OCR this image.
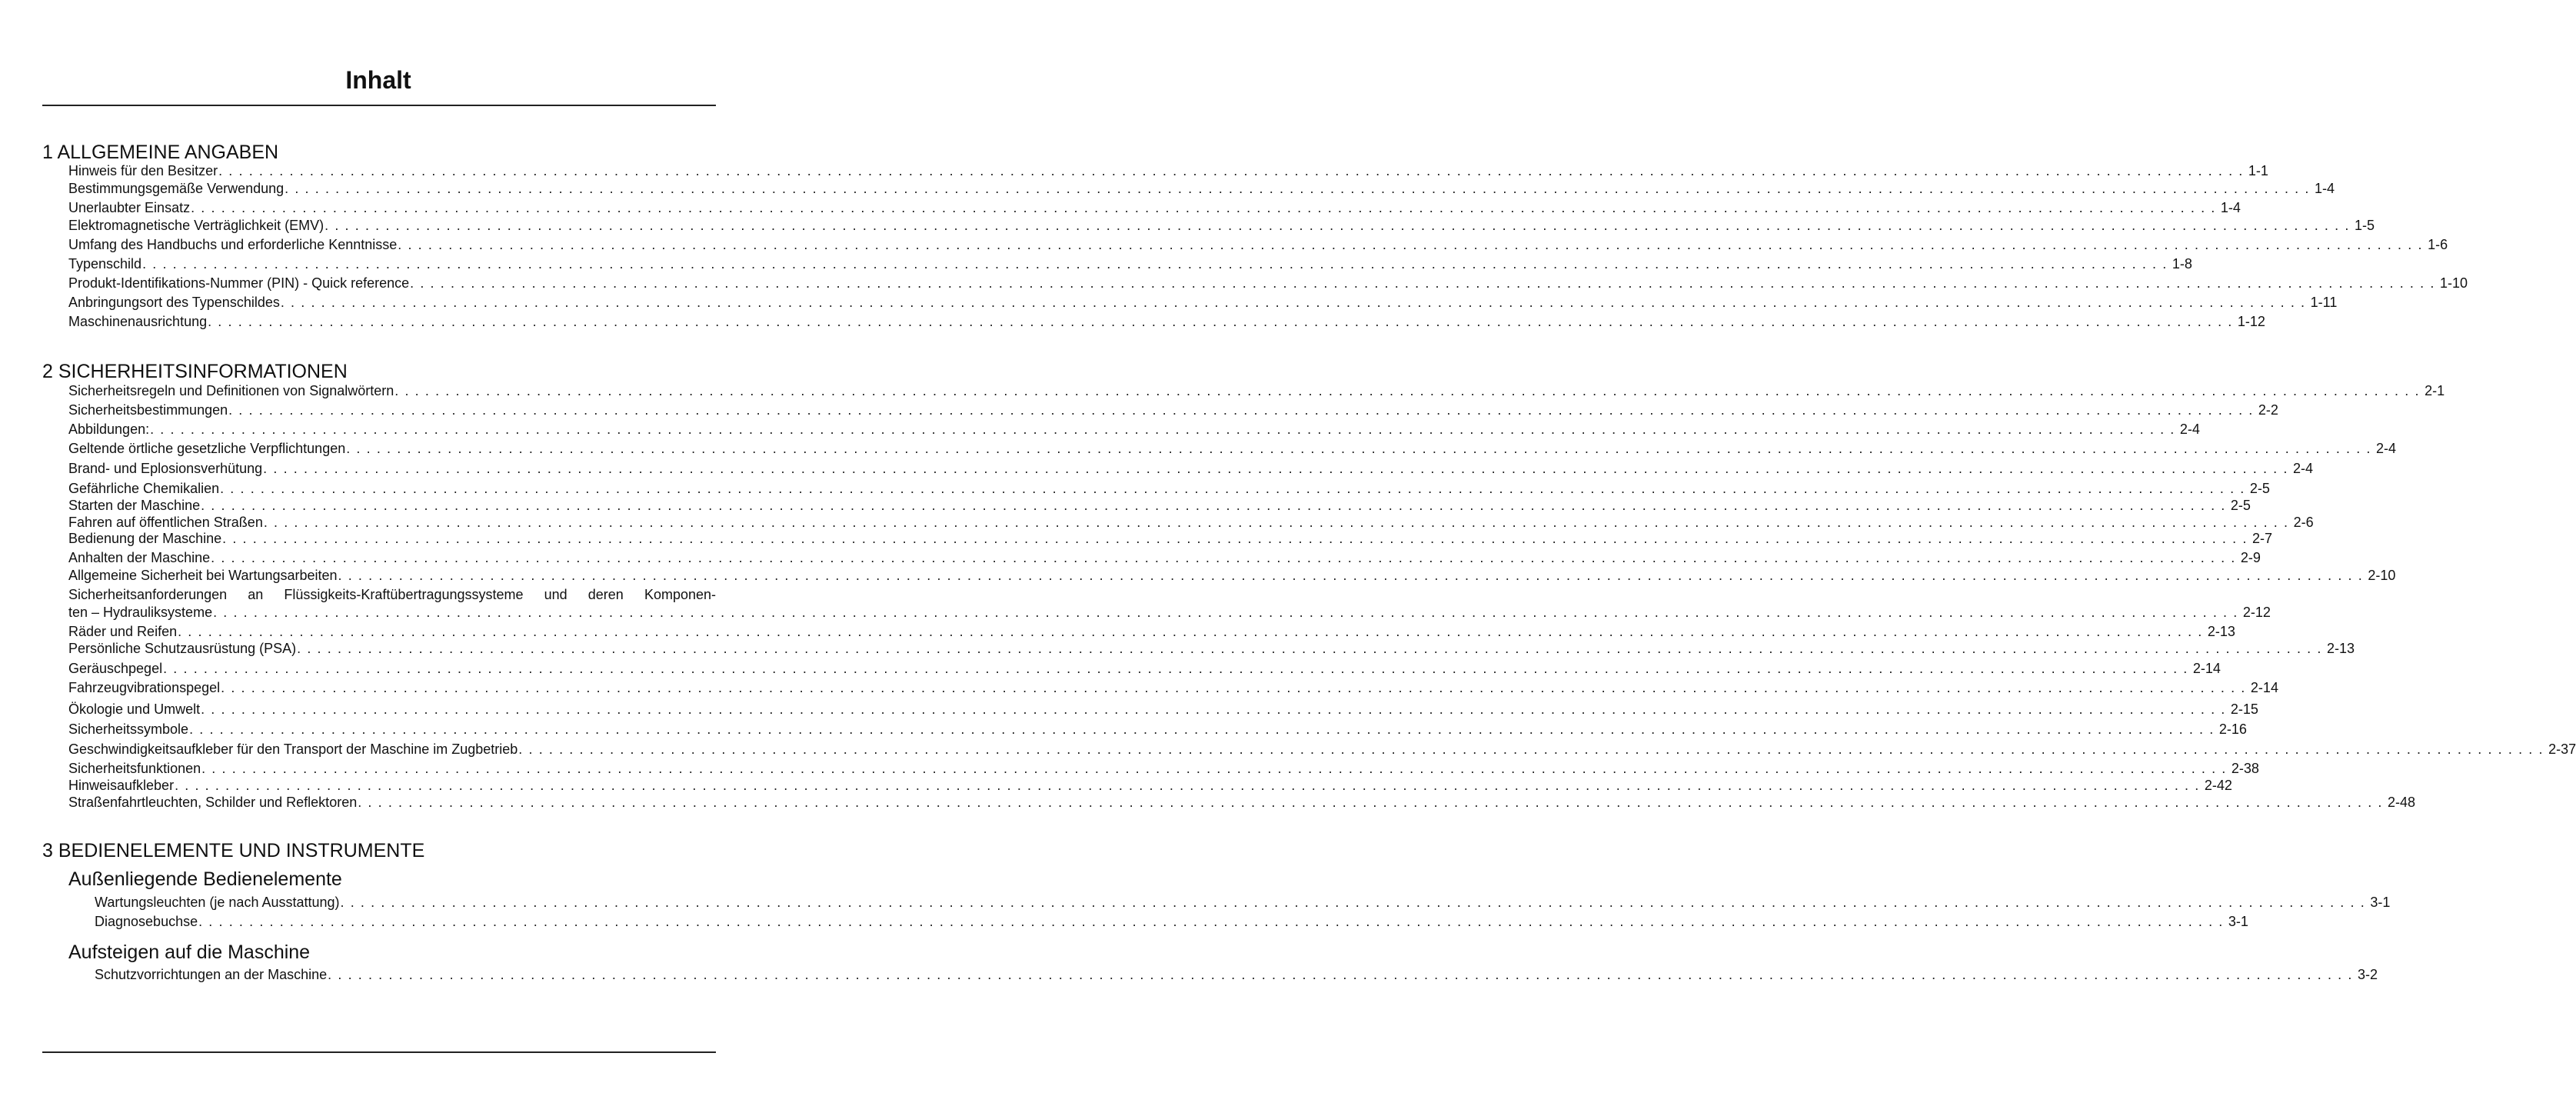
Inhalt
1 ALLGEMEINE ANGABEN
Hinweis für den Besitzer . . . . . . . . . . . . . . . . . . . . . . . . . . . . . . . . . . . . . . . . . . . . . . . . . . . . . . . . . . . . . . . . . . . . . . . . . . . . . . . . . . . . . . . . . . . . . . . . . . . . . . . . . . . . . . . . . . . . . . . . . . . . . . . . . . . . . . . . . . . . . . . . . . . . . . . . . . . . . . . . . . . . . . . . . . . . . . . . . . . . . . . . . . . . . . . . . . . . . . . . 1-1
Bestimmungsgemäße Verwendung . . . . . . . . . . . . . . . . . . . . . . . . . . . . . . . . . . . . . . . . . . . . . . . . . . . . . . . . . . . . . . . . . . . . . . . . . . . . . . . . . . . . . . . . . . . . . . . . . . . . . . . . . . . . . . . . . . . . . . . . . . . . . . . . . . . . . . . . . . . . . . . . . . . . . . . . . . . . . . . . . . . . . . . . . . . . . . . . . . . . . . . . . . . . . . . . . . . . . . . . 1-4
Unerlaubter Einsatz . . . . . . . . . . . . . . . . . . . . . . . . . . . . . . . . . . . . . . . . . . . . . . . . . . . . . . . . . . . . . . . . . . . . . . . . . . . . . . . . . . . . . . . . . . . . . . . . . . . . . . . . . . . . . . . . . . . . . . . . . . . . . . . . . . . . . . . . . . . . . . . . . . . . . . . . . . . . . . . . . . . . . . . . . . . . . . . . . . . . . . . . . . . . . . . . . . . . . . . . 1-4
Elektromagnetische Verträglichkeit (EMV) . . . . . . . . . . . . . . . . . . . . . . . . . . . . . . . . . . . . . . . . . . . . . . . . . . . . . . . . . . . . . . . . . . . . . . . . . . . . . . . . . . . . . . . . . . . . . . . . . . . . . . . . . . . . . . . . . . . . . . . . . . . . . . . . . . . . . . . . . . . . . . . . . . . . . . . . . . . . . . . . . . . . . . . . . . . . . . . . . . . . . . . . . . . . . . . . . . . . . . . . 1-5
Umfang des Handbuchs und erforderliche Kenntnisse . . . . . . . . . . . . . . . . . . . . . . . . . . . . . . . . . . . . . . . . . . . . . . . . . . . . . . . . . . . . . . . . . . . . . . . . . . . . . . . . . . . . . . . . . . . . . . . . . . . . . . . . . . . . . . . . . . . . . . . . . . . . . . . . . . . . . . . . . . . . . . . . . . . . . . . . . . . . . . . . . . . . . . . . . . . . . . . . . . . . . . . . . . . . . . . . . . . . . . . . 1-6
Typenschild . . . . . . . . . . . . . . . . . . . . . . . . . . . . . . . . . . . . . . . . . . . . . . . . . . . . . . . . . . . . . . . . . . . . . . . . . . . . . . . . . . . . . . . . . . . . . . . . . . . . . . . . . . . . . . . . . . . . . . . . . . . . . . . . . . . . . . . . . . . . . . . . . . . . . . . . . . . . . . . . . . . . . . . . . . . . . . . . . . . . . . . . . . . . . . . . . . . . . . . . 1-8
Produkt-Identifikations-Nummer (PIN) - Quick reference . . . . . . . . . . . . . . . . . . . . . . . . . . . . . . . . . . . . . . . . . . . . . . . . . . . . . . . . . . . . . . . . . . . . . . . . . . . . . . . . . . . . . . . . . . . . . . . . . . . . . . . . . . . . . . . . . . . . . . . . . . . . . . . . . . . . . . . . . . . . . . . . . . . . . . . . . . . . . . . . . . . . . . . . . . . . . . . . . . . . . . . . . . . . . . . . . . . . . . . . 1-10
Anbringungsort des Typenschildes . . . . . . . . . . . . . . . . . . . . . . . . . . . . . . . . . . . . . . . . . . . . . . . . . . . . . . . . . . . . . . . . . . . . . . . . . . . . . . . . . . . . . . . . . . . . . . . . . . . . . . . . . . . . . . . . . . . . . . . . . . . . . . . . . . . . . . . . . . . . . . . . . . . . . . . . . . . . . . . . . . . . . . . . . . . . . . . . . . . . . . . . . . . . . . . . . . . . . . . . 1-11
Maschinenausrichtung . . . . . . . . . . . . . . . . . . . . . . . . . . . . . . . . . . . . . . . . . . . . . . . . . . . . . . . . . . . . . . . . . . . . . . . . . . . . . . . . . . . . . . . . . . . . . . . . . . . . . . . . . . . . . . . . . . . . . . . . . . . . . . . . . . . . . . . . . . . . . . . . . . . . . . . . . . . . . . . . . . . . . . . . . . . . . . . . . . . . . . . . . . . . . . . . . . . . . . . . 1-12
2 SICHERHEITSINFORMATIONEN
Sicherheitsregeln und Definitionen von Signalwörtern . . . . . . . . . . . . . . . . . . . . . . . . . . . . . . . . . . . . . . . . . . . . . . . . . . . . . . . . . . . . . . . . . . . . . . . . . . . . . . . . . . . . . . . . . . . . . . . . . . . . . . . . . . . . . . . . . . . . . . . . . . . . . . . . . . . . . . . . . . . . . . . . . . . . . . . . . . . . . . . . . . . . . . . . . . . . . . . . . . . . . . . . . . . . . . . . . . . . . . . . 2-1
Sicherheitsbestimmungen . . . . . . . . . . . . . . . . . . . . . . . . . . . . . . . . . . . . . . . . . . . . . . . . . . . . . . . . . . . . . . . . . . . . . . . . . . . . . . . . . . . . . . . . . . . . . . . . . . . . . . . . . . . . . . . . . . . . . . . . . . . . . . . . . . . . . . . . . . . . . . . . . . . . . . . . . . . . . . . . . . . . . . . . . . . . . . . . . . . . . . . . . . . . . . . . . . . . . . . . 2-2
Abbildungen: . . . . . . . . . . . . . . . . . . . . . . . . . . . . . . . . . . . . . . . . . . . . . . . . . . . . . . . . . . . . . . . . . . . . . . . . . . . . . . . . . . . . . . . . . . . . . . . . . . . . . . . . . . . . . . . . . . . . . . . . . . . . . . . . . . . . . . . . . . . . . . . . . . . . . . . . . . . . . . . . . . . . . . . . . . . . . . . . . . . . . . . . . . . . . . . . . . . . . . . . 2-4
Geltende örtliche gesetzliche Verpflichtungen . . . . . . . . . . . . . . . . . . . . . . . . . . . . . . . . . . . . . . . . . . . . . . . . . . . . . . . . . . . . . . . . . . . . . . . . . . . . . . . . . . . . . . . . . . . . . . . . . . . . . . . . . . . . . . . . . . . . . . . . . . . . . . . . . . . . . . . . . . . . . . . . . . . . . . . . . . . . . . . . . . . . . . . . . . . . . . . . . . . . . . . . . . . . . . . . . . . . . . . . 2-4
Brand- und Eplosionsverhütung . . . . . . . . . . . . . . . . . . . . . . . . . . . . . . . . . . . . . . . . . . . . . . . . . . . . . . . . . . . . . . . . . . . . . . . . . . . . . . . . . . . . . . . . . . . . . . . . . . . . . . . . . . . . . . . . . . . . . . . . . . . . . . . . . . . . . . . . . . . . . . . . . . . . . . . . . . . . . . . . . . . . . . . . . . . . . . . . . . . . . . . . . . . . . . . . . . . . . . . . 2-4
Gefährliche Chemikalien . . . . . . . . . . . . . . . . . . . . . . . . . . . . . . . . . . . . . . . . . . . . . . . . . . . . . . . . . . . . . . . . . . . . . . . . . . . . . . . . . . . . . . . . . . . . . . . . . . . . . . . . . . . . . . . . . . . . . . . . . . . . . . . . . . . . . . . . . . . . . . . . . . . . . . . . . . . . . . . . . . . . . . . . . . . . . . . . . . . . . . . . . . . . . . . . . . . . . . . . 2-5
Starten der Maschine . . . . . . . . . . . . . . . . . . . . . . . . . . . . . . . . . . . . . . . . . . . . . . . . . . . . . . . . . . . . . . . . . . . . . . . . . . . . . . . . . . . . . . . . . . . . . . . . . . . . . . . . . . . . . . . . . . . . . . . . . . . . . . . . . . . . . . . . . . . . . . . . . . . . . . . . . . . . . . . . . . . . . . . . . . . . . . . . . . . . . . . . . . . . . . . . . . . . . . . . 2-5
Fahren auf öffentlichen Straßen . . . . . . . . . . . . . . . . . . . . . . . . . . . . . . . . . . . . . . . . . . . . . . . . . . . . . . . . . . . . . . . . . . . . . . . . . . . . . . . . . . . . . . . . . . . . . . . . . . . . . . . . . . . . . . . . . . . . . . . . . . . . . . . . . . . . . . . . . . . . . . . . . . . . . . . . . . . . . . . . . . . . . . . . . . . . . . . . . . . . . . . . . . . . . . . . . . . . . . . . 2-6
Bedienung der Maschine . . . . . . . . . . . . . . . . . . . . . . . . . . . . . . . . . . . . . . . . . . . . . . . . . . . . . . . . . . . . . . . . . . . . . . . . . . . . . . . . . . . . . . . . . . . . . . . . . . . . . . . . . . . . . . . . . . . . . . . . . . . . . . . . . . . . . . . . . . . . . . . . . . . . . . . . . . . . . . . . . . . . . . . . . . . . . . . . . . . . . . . . . . . . . . . . . . . . . . . . 2-7
Anhalten der Maschine . . . . . . . . . . . . . . . . . . . . . . . . . . . . . . . . . . . . . . . . . . . . . . . . . . . . . . . . . . . . . . . . . . . . . . . . . . . . . . . . . . . . . . . . . . . . . . . . . . . . . . . . . . . . . . . . . . . . . . . . . . . . . . . . . . . . . . . . . . . . . . . . . . . . . . . . . . . . . . . . . . . . . . . . . . . . . . . . . . . . . . . . . . . . . . . . . . . . . . . . 2-9
Allgemeine Sicherheit bei Wartungsarbeiten . . . . . . . . . . . . . . . . . . . . . . . . . . . . . . . . . . . . . . . . . . . . . . . . . . . . . . . . . . . . . . . . . . . . . . . . . . . . . . . . . . . . . . . . . . . . . . . . . . . . . . . . . . . . . . . . . . . . . . . . . . . . . . . . . . . . . . . . . . . . . . . . . . . . . . . . . . . . . . . . . . . . . . . . . . . . . . . . . . . . . . . . . . . . . . . . . . . . . . . . 2-10
Sicherheitsanforderungen an Flüssigkeits-Kraftübertragungssysteme und deren Komponen-
ten – Hydrauliksysteme . . . . . . . . . . . . . . . . . . . . . . . . . . . . . . . . . . . . . . . . . . . . . . . . . . . . . . . . . . . . . . . . . . . . . . . . . . . . . . . . . . . . . . . . . . . . . . . . . . . . . . . . . . . . . . . . . . . . . . . . . . . . . . . . . . . . . . . . . . . . . . . . . . . . . . . . . . . . . . . . . . . . . . . . . . . . . . . . . . . . . . . . . . . . . . . . . . . . . . . . 2-12
Räder und Reifen . . . . . . . . . . . . . . . . . . . . . . . . . . . . . . . . . . . . . . . . . . . . . . . . . . . . . . . . . . . . . . . . . . . . . . . . . . . . . . . . . . . . . . . . . . . . . . . . . . . . . . . . . . . . . . . . . . . . . . . . . . . . . . . . . . . . . . . . . . . . . . . . . . . . . . . . . . . . . . . . . . . . . . . . . . . . . . . . . . . . . . . . . . . . . . . . . . . . . . . . 2-13
Persönliche Schutzausrüstung (PSA) . . . . . . . . . . . . . . . . . . . . . . . . . . . . . . . . . . . . . . . . . . . . . . . . . . . . . . . . . . . . . . . . . . . . . . . . . . . . . . . . . . . . . . . . . . . . . . . . . . . . . . . . . . . . . . . . . . . . . . . . . . . . . . . . . . . . . . . . . . . . . . . . . . . . . . . . . . . . . . . . . . . . . . . . . . . . . . . . . . . . . . . . . . . . . . . . . . . . . . . . 2-13
Geräuschpegel . . . . . . . . . . . . . . . . . . . . . . . . . . . . . . . . . . . . . . . . . . . . . . . . . . . . . . . . . . . . . . . . . . . . . . . . . . . . . . . . . . . . . . . . . . . . . . . . . . . . . . . . . . . . . . . . . . . . . . . . . . . . . . . . . . . . . . . . . . . . . . . . . . . . . . . . . . . . . . . . . . . . . . . . . . . . . . . . . . . . . . . . . . . . . . . . . . . . . . . . 2-14
Fahrzeugvibrationspegel . . . . . . . . . . . . . . . . . . . . . . . . . . . . . . . . . . . . . . . . . . . . . . . . . . . . . . . . . . . . . . . . . . . . . . . . . . . . . . . . . . . . . . . . . . . . . . . . . . . . . . . . . . . . . . . . . . . . . . . . . . . . . . . . . . . . . . . . . . . . . . . . . . . . . . . . . . . . . . . . . . . . . . . . . . . . . . . . . . . . . . . . . . . . . . . . . . . . . . . . 2-14
Ökologie und Umwelt . . . . . . . . . . . . . . . . . . . . . . . . . . . . . . . . . . . . . . . . . . . . . . . . . . . . . . . . . . . . . . . . . . . . . . . . . . . . . . . . . . . . . . . . . . . . . . . . . . . . . . . . . . . . . . . . . . . . . . . . . . . . . . . . . . . . . . . . . . . . . . . . . . . . . . . . . . . . . . . . . . . . . . . . . . . . . . . . . . . . . . . . . . . . . . . . . . . . . . . . 2-15
Sicherheitssymbole . . . . . . . . . . . . . . . . . . . . . . . . . . . . . . . . . . . . . . . . . . . . . . . . . . . . . . . . . . . . . . . . . . . . . . . . . . . . . . . . . . . . . . . . . . . . . . . . . . . . . . . . . . . . . . . . . . . . . . . . . . . . . . . . . . . . . . . . . . . . . . . . . . . . . . . . . . . . . . . . . . . . . . . . . . . . . . . . . . . . . . . . . . . . . . . . . . . . . . . . 2-16
Geschwindigkeitsaufkleber für den Transport der Maschine im Zugbetrieb . . . . . . . . . . . . . . . . . . . . . . . . . . . . . . . . . . . . . . . . . . . . . . . . . . . . . . . . . . . . . . . . . . . . . . . . . . . . . . . . . . . . . . . . . . . . . . . . . . . . . . . . . . . . . . . . . . . . . . . . . . . . . . . . . . . . . . . . . . . . . . . . . . . . . . . . . . . . . . . . . . . . . . . . . . . . . . . . . . . . . . . . . . . . . . . . . . . . . . . . 2-37
Sicherheitsfunktionen . . . . . . . . . . . . . . . . . . . . . . . . . . . . . . . . . . . . . . . . . . . . . . . . . . . . . . . . . . . . . . . . . . . . . . . . . . . . . . . . . . . . . . . . . . . . . . . . . . . . . . . . . . . . . . . . . . . . . . . . . . . . . . . . . . . . . . . . . . . . . . . . . . . . . . . . . . . . . . . . . . . . . . . . . . . . . . . . . . . . . . . . . . . . . . . . . . . . . . . . 2-38
Hinweisaufkleber . . . . . . . . . . . . . . . . . . . . . . . . . . . . . . . . . . . . . . . . . . . . . . . . . . . . . . . . . . . . . . . . . . . . . . . . . . . . . . . . . . . . . . . . . . . . . . . . . . . . . . . . . . . . . . . . . . . . . . . . . . . . . . . . . . . . . . . . . . . . . . . . . . . . . . . . . . . . . . . . . . . . . . . . . . . . . . . . . . . . . . . . . . . . . . . . . . . . . . . . 2-42
Straßenfahrtleuchten, Schilder und Reflektoren . . . . . . . . . . . . . . . . . . . . . . . . . . . . . . . . . . . . . . . . . . . . . . . . . . . . . . . . . . . . . . . . . . . . . . . . . . . . . . . . . . . . . . . . . . . . . . . . . . . . . . . . . . . . . . . . . . . . . . . . . . . . . . . . . . . . . . . . . . . . . . . . . . . . . . . . . . . . . . . . . . . . . . . . . . . . . . . . . . . . . . . . . . . . . . . . . . . . . . . . 2-48
3 BEDIENELEMENTE UND INSTRUMENTE
Außenliegende Bedienelemente
Wartungsleuchten (je nach Ausstattung) . . . . . . . . . . . . . . . . . . . . . . . . . . . . . . . . . . . . . . . . . . . . . . . . . . . . . . . . . . . . . . . . . . . . . . . . . . . . . . . . . . . . . . . . . . . . . . . . . . . . . . . . . . . . . . . . . . . . . . . . . . . . . . . . . . . . . . . . . . . . . . . . . . . . . . . . . . . . . . . . . . . . . . . . . . . . . . . . . . . . . . . . . . . . . . . . . . . . . . . . 3-1
Diagnosebuchse . . . . . . . . . . . . . . . . . . . . . . . . . . . . . . . . . . . . . . . . . . . . . . . . . . . . . . . . . . . . . . . . . . . . . . . . . . . . . . . . . . . . . . . . . . . . . . . . . . . . . . . . . . . . . . . . . . . . . . . . . . . . . . . . . . . . . . . . . . . . . . . . . . . . . . . . . . . . . . . . . . . . . . . . . . . . . . . . . . . . . . . . . . . . . . . . . . . . . . . . 3-1
Aufsteigen auf die Maschine
Schutzvorrichtungen an der Maschine . . . . . . . . . . . . . . . . . . . . . . . . . . . . . . . . . . . . . . . . . . . . . . . . . . . . . . . . . . . . . . . . . . . . . . . . . . . . . . . . . . . . . . . . . . . . . . . . . . . . . . . . . . . . . . . . . . . . . . . . . . . . . . . . . . . . . . . . . . . . . . . . . . . . . . . . . . . . . . . . . . . . . . . . . . . . . . . . . . . . . . . . . . . . . . . . . . . . . . . . 3-2
